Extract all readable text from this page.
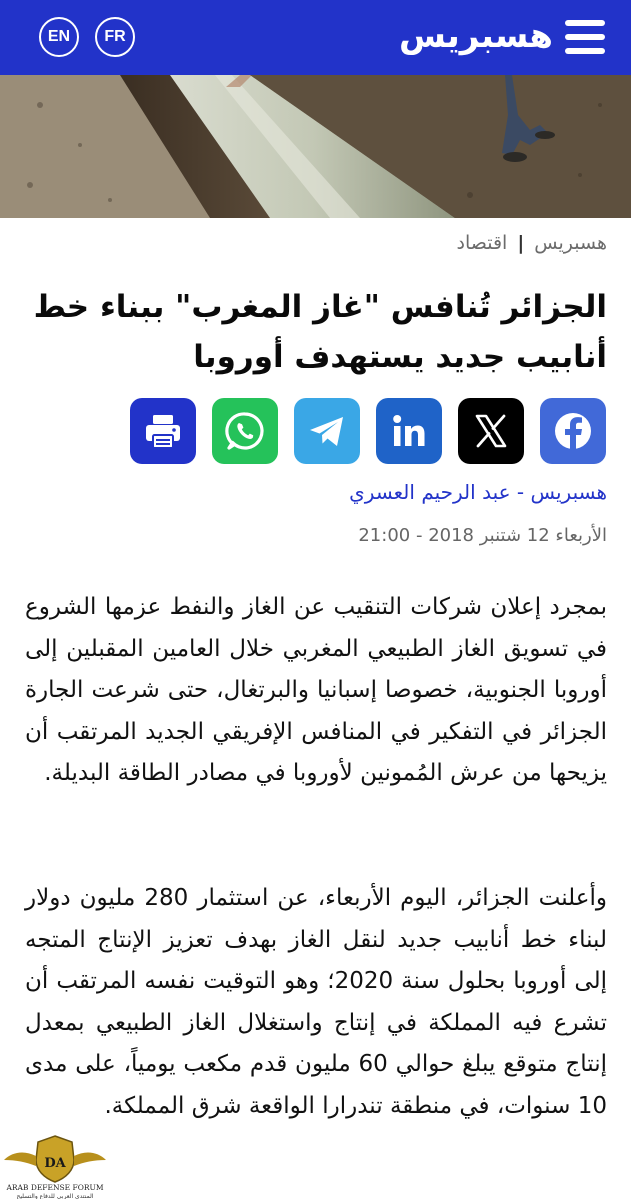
EN	FR	هسبريس
هسبريس|اقتصاد
الجزائر تُنافس "غاز المغرب" ببناء خط أنابيب جديد يستهدف أوروبا
هسبريس - عبد الرحيم العسري
الأربعاء 12 شتنبر 2018 - 21:00

بمجرد إعلان شركات التنقيب عن الغاز والنفط عزمها الشروع في تسويق الغاز الطبيعي المغربي خلال العامين المقبلين إلى أوروبا الجنوبية، خصوصا إسبانيا والبرتغال، حتى شرعت الجارة الجزائر في التفكير في المنافس الإفريقي الجديد المرتقب أن يزيحها من عرش المُمونين لأوروبا في مصادر الطاقة البديلة.

وأعلنت الجزائر، اليوم الأربعاء، عن استثمار 280 مليون دولار لبناء خط أنابيب جديد لنقل الغاز بهدف تعزيز الإنتاج المتجه إلى أوروبا بحلول سنة 2020؛ وهو التوقيت نفسه المرتقب أن تشرع فيه المملكة في إنتاج واستغلال الغاز الطبيعي بمعدل إنتاج متوقع يبلغ حوالي 60 مليون قدم مكعب يومياً، على مدى 10 سنوات، في منطقة تندرارا الواقعة شرق المملكة.

DA
ARAB DEFENSE FORUM
المنتدى العربي للدفاع والتسليح
